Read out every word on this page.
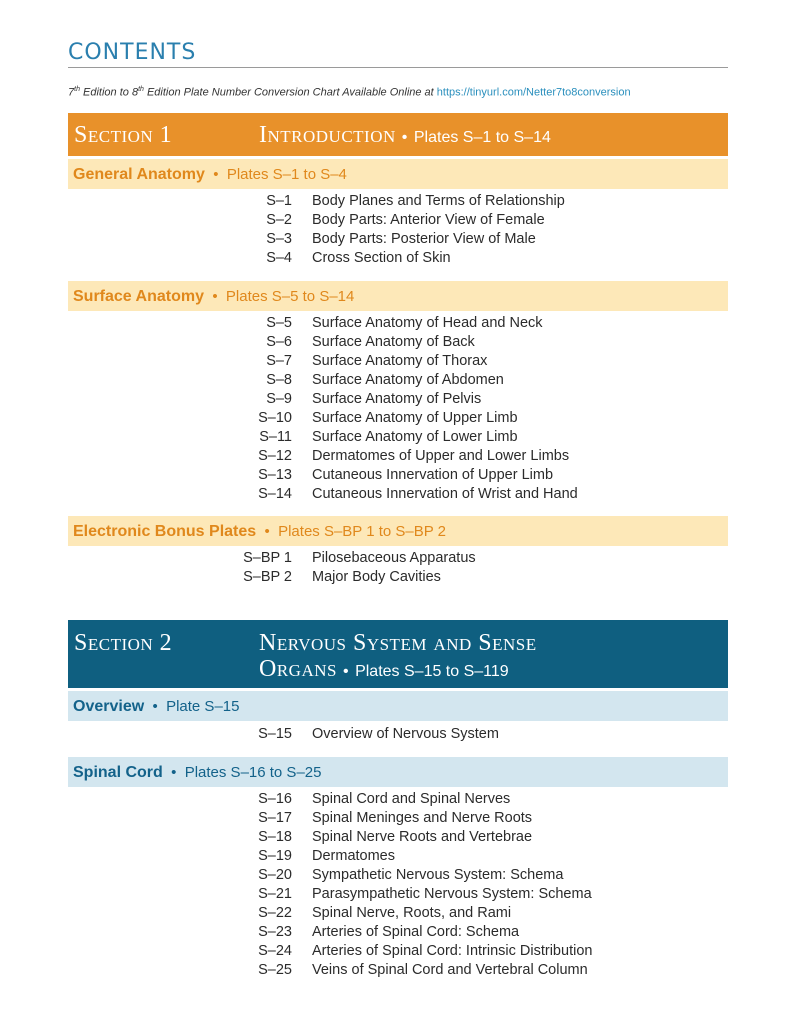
CONTENTS
7th Edition to 8th Edition Plate Number Conversion Chart Available Online at https://tinyurl.com/Netter7to8conversion
Section 1	Introduction • Plates S–1 to S–14
General Anatomy  •  Plates S–1 to S–4
S–1 Body Planes and Terms of Relationship
S–2 Body Parts: Anterior View of Female
S–3 Body Parts: Posterior View of Male
S–4 Cross Section of Skin
Surface Anatomy  •  Plates S–5 to S–14
S–5 Surface Anatomy of Head and Neck
S–6 Surface Anatomy of Back
S–7 Surface Anatomy of Thorax
S–8 Surface Anatomy of Abdomen
S–9 Surface Anatomy of Pelvis
S–10 Surface Anatomy of Upper Limb
S–11 Surface Anatomy of Lower Limb
S–12 Dermatomes of Upper and Lower Limbs
S–13 Cutaneous Innervation of Upper Limb
S–14 Cutaneous Innervation of Wrist and Hand
Electronic Bonus Plates  •  Plates S–BP 1 to S–BP 2
S–BP 1 Pilosebaceous Apparatus
S–BP 2 Major Body Cavities
Section 2	Nervous System and Sense
Organs • Plates S–15 to S–119
Overview  •  Plate S–15
S–15 Overview of Nervous System
Spinal Cord  •  Plates S–16 to S–25
S–16 Spinal Cord and Spinal Nerves
S–17 Spinal Meninges and Nerve Roots
S–18 Spinal Nerve Roots and Vertebrae
S–19 Dermatomes
S–20 Sympathetic Nervous System: Schema
S–21 Parasympathetic Nervous System: Schema
S–22 Spinal Nerve, Roots, and Rami
S–23 Arteries of Spinal Cord: Schema
S–24 Arteries of Spinal Cord: Intrinsic Distribution
S–25 Veins of Spinal Cord and Vertebral Column
